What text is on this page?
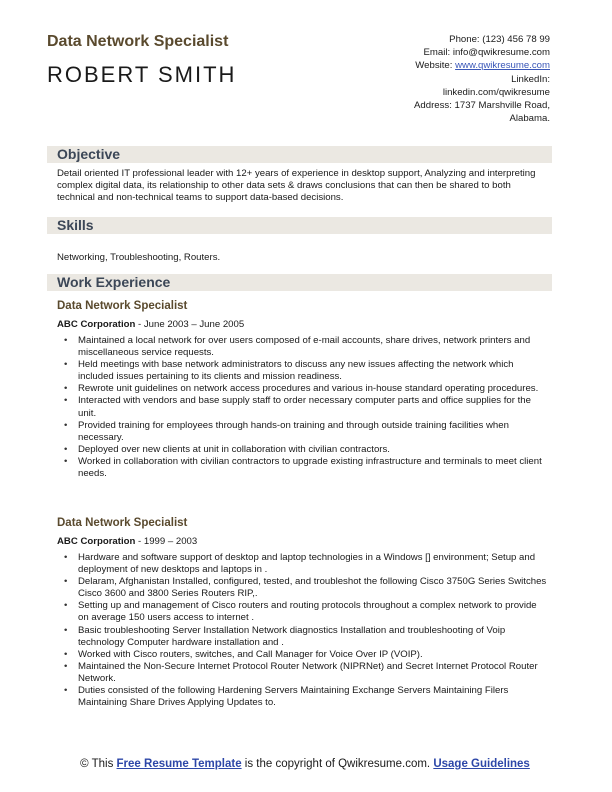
Data Network Specialist
ROBERT SMITH
Phone: (123) 456 78 99
Email: info@qwikresume.com
Website: www.qwikresume.com
LinkedIn:
linkedin.com/qwikresume
Address: 1737 Marshville Road,
Alabama.
Objective
Detail oriented IT professional leader with 12+ years of experience in desktop support, Analyzing and interpreting complex digital data, its relationship to other data sets & draws conclusions that can then be shared to both technical and non-technical teams to support data-based decisions.
Skills
Networking, Troubleshooting, Routers.
Work Experience
Data Network Specialist
ABC Corporation - June 2003 – June 2005
• Maintained a local network for over users composed of e-mail accounts, share drives, network printers and miscellaneous service requests.
• Held meetings with base network administrators to discuss any new issues affecting the network which included issues pertaining to its clients and mission readiness.
• Rewrote unit guidelines on network access procedures and various in-house standard operating procedures.
• Interacted with vendors and base supply staff to order necessary computer parts and office supplies for the unit.
• Provided training for employees through hands-on training and through outside training facilities when necessary.
• Deployed over new clients at unit in collaboration with civilian contractors.
• Worked in collaboration with civilian contractors to upgrade existing infrastructure and terminals to meet client needs.
Data Network Specialist
ABC Corporation - 1999 – 2003
• Hardware and software support of desktop and laptop technologies in a Windows [] environment; Setup and deployment of new desktops and laptops in .
• Delaram, Afghanistan Installed, configured, tested, and troubleshot the following Cisco 3750G Series Switches Cisco 3600 and 3800 Series Routers RIP,.
• Setting up and management of Cisco routers and routing protocols throughout a complex network to provide on average 150 users access to internet .
• Basic troubleshooting Server Installation Network diagnostics Installation and troubleshooting of Voip technology Computer hardware installation and .
• Worked with Cisco routers, switches, and Call Manager for Voice Over IP (VOIP).
• Maintained the Non-Secure Internet Protocol Router Network (NIPRNet) and Secret Internet Protocol Router Network.
• Duties consisted of the following Hardening Servers Maintaining Exchange Servers Maintaining Filers Maintaining Share Drives Applying Updates to.
© This Free Resume Template is the copyright of Qwikresume.com. Usage Guidelines
